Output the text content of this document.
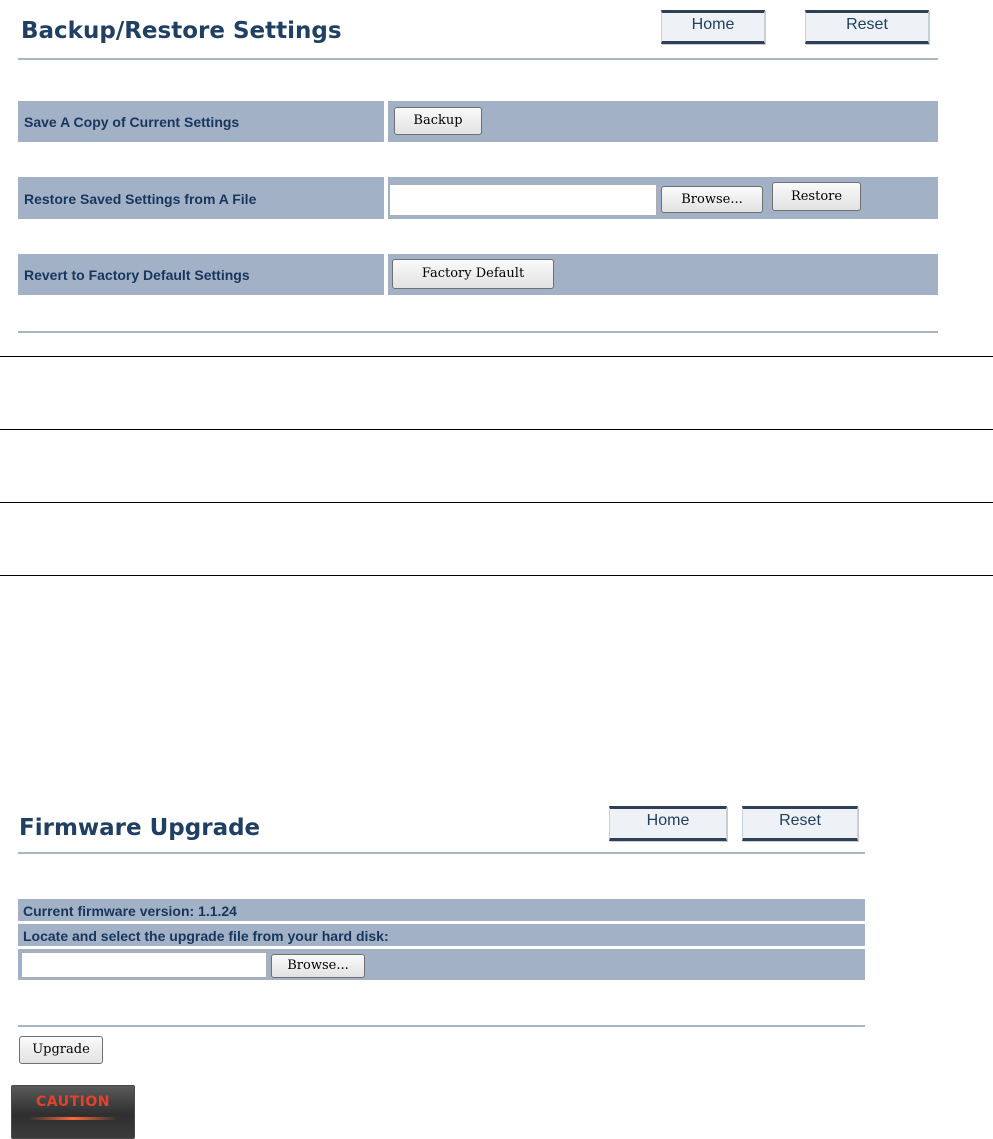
Backup/Restore Settings	Home	Reset
Save A Copy of Current Settings	Backup
Restore Saved Settings from A File	Browse...	Restore
Revert to Factory Default Settings	Factory Default
Firmware Upgrade	Home	Reset
Current firmware version: 1.1.24
Locate and select the upgrade file from your hard disk:
Browse...
Upgrade
CAUTION
